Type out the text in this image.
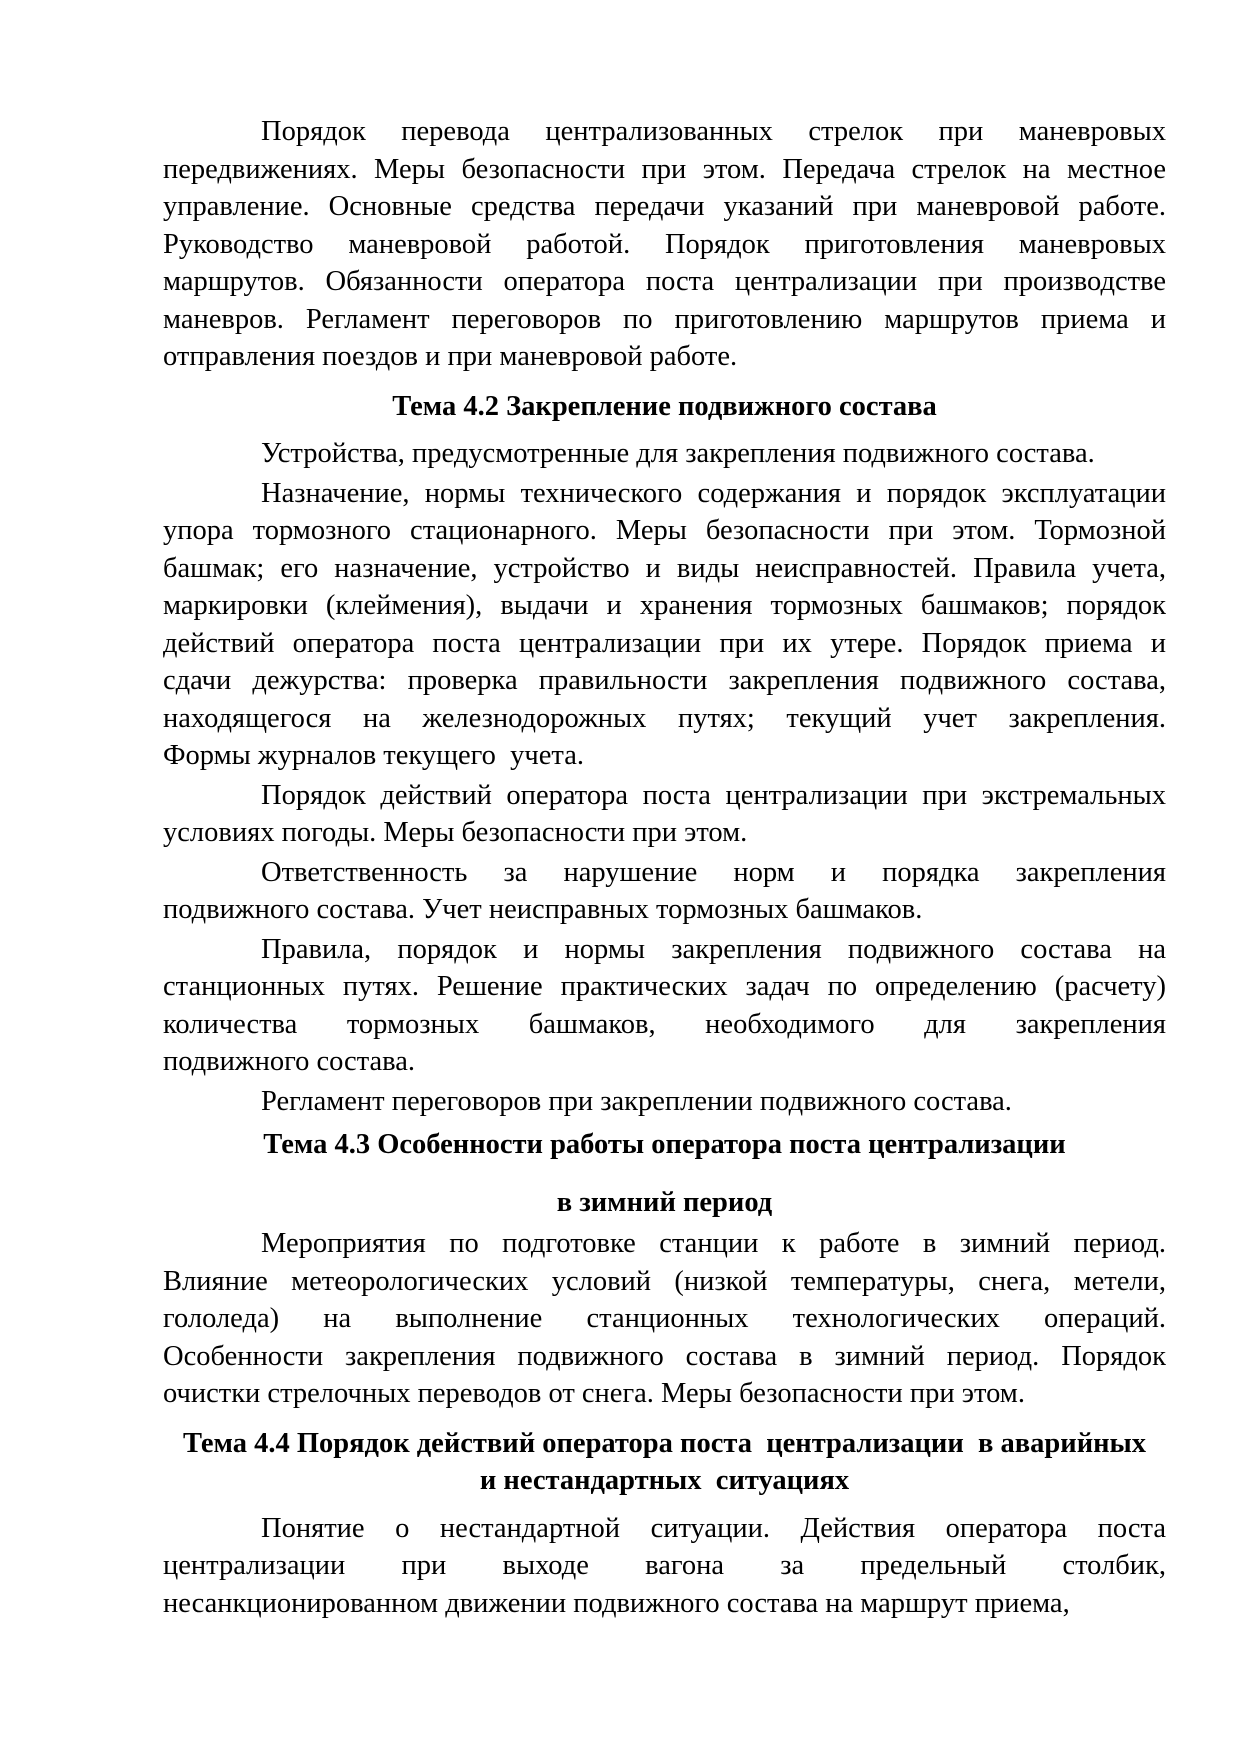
Порядок перевода централизованных стрелок при маневровых
передвижениях. Меры безопасности при этом. Передача стрелок на местное
управление. Основные средства передачи указаний при маневровой работе.
Руководство маневровой работой. Порядок приготовления маневровых
маршрутов. Обязанности оператора поста централизации при производстве
маневров. Регламент переговоров по приготовлению маршрутов приема и
отправления поездов и при маневровой работе.
Тема 4.2 Закрепление подвижного состава
Устройства, предусмотренные для закрепления подвижного состава.
Назначение, нормы технического содержания и порядок эксплуатации
упора тормозного стационарного. Меры безопасности при этом. Тормозной
башмак; его назначение, устройство и виды неисправностей. Правила учета,
маркировки (клеймения), выдачи и хранения тормозных башмаков; порядок
действий оператора поста централизации при их утере. Порядок приема и
сдачи дежурства: проверка правильности закрепления подвижного состава,
находящегося на железнодорожных путях; текущий учет закрепления.
Формы журналов текущего  учета.
Порядок действий оператора поста централизации при экстремальных
условиях погоды. Меры безопасности при этом.
Ответственность за нарушение норм и порядка закрепления
подвижного состава. Учет неисправных тормозных башмаков.
Правила, порядок и нормы закрепления подвижного состава на
станционных путях. Решение практических задач по определению (расчету)
количества тормозных башмаков, необходимого для закрепления
подвижного состава.
Регламент переговоров при закреплении подвижного состава.
Тема 4.3 Особенности работы оператора поста централизации
в зимний период
Мероприятия по подготовке станции к работе в зимний период.
Влияние метеорологических условий (низкой температуры, снега, метели,
гололеда) на выполнение станционных технологических операций.
Особенности закрепления подвижного состава в зимний период. Порядок
очистки стрелочных переводов от снега. Меры безопасности при этом.
Тема 4.4 Порядок действий оператора поста  централизации  в аварийных
и нестандартных  ситуациях
Понятие о нестандартной ситуации. Действия оператора поста
централизации при выходе вагона за предельный столбик,
несанкционированном движении подвижного состава на маршрут приема,
